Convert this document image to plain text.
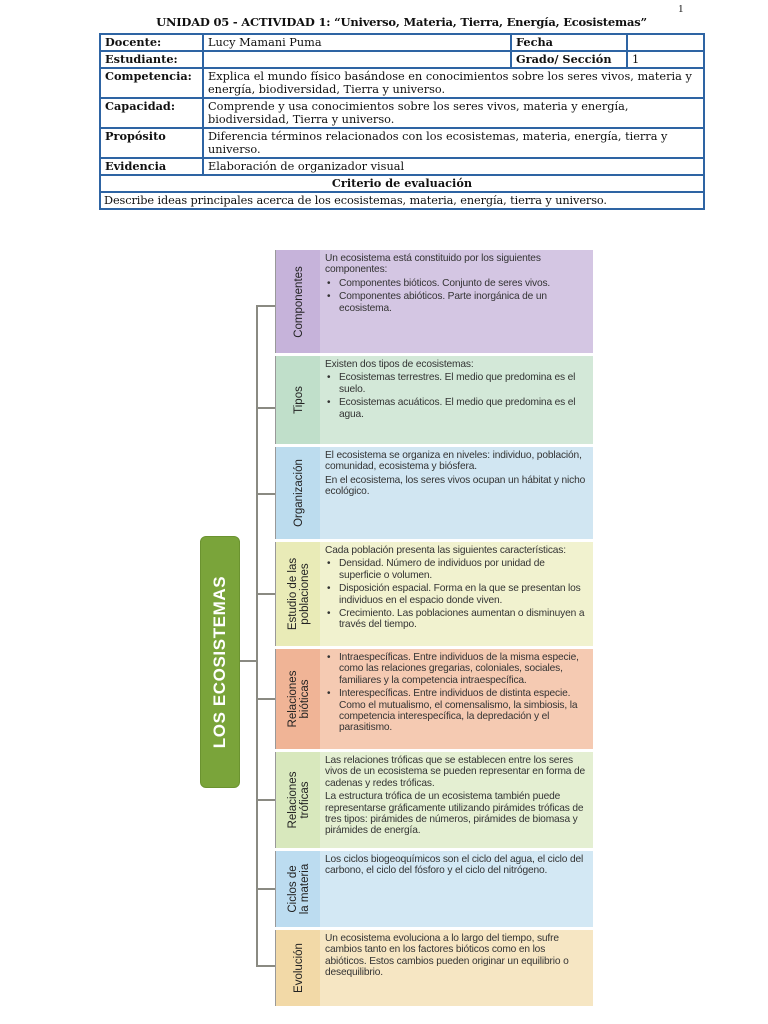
1
UNIDAD 05 - ACTIVIDAD 1: “Universo, Materia, Tierra, Energía, Ecosistemas”
Docente:	Lucy Mamani Puma	Fecha	
Estudiante:		Grado/ Sección	1
Competencia:	Explica el mundo físico basándose en conocimientos sobre los seres vivos, materia y energía, biodiversidad, Tierra y universo.		
Capacidad:	Comprende y usa conocimientos sobre los seres vivos, materia y energía, biodiversidad, Tierra y universo.		
Propósito	Diferencia términos relacionados con los ecosistemas, materia, energía, tierra y universo.		
Evidencia	Elaboración de organizador visual		
Criterio de evaluación			
Describe ideas principales acerca de los ecosistemas, materia, energía, tierra y universo.			
LOS ECOSISTEMAS
Componentes

Un ecosistema está constituido por los siguientes componentes:

• Componentes bióticos. Conjunto de seres vivos.
• Componentes abióticos. Parte inorgánica de un ecosistema.
Tipos

Existen dos tipos de ecosistemas:

• Ecosistemas terrestres. El medio que predomina es el suelo.
• Ecosistemas acuáticos. El medio que predomina es el agua.
Organización

El ecosistema se organiza en niveles: individuo, población, comunidad, ecosistema y biósfera.

En el ecosistema, los seres vivos ocupan un hábitat y nicho ecológico.

Estudio de las
poblaciones

Cada población presenta las siguientes características:

• Densidad. Número de individuos por unidad de superficie o volumen.
• Disposición espacial. Forma en la que se presentan los individuos en el espacio donde viven.
• Crecimiento. Las poblaciones aumentan o disminuyen a través del tiempo.
Relaciones
bióticas
• Intraespecíficas. Entre individuos de la misma especie, como las relaciones gregarias, coloniales, sociales, familiares y la competencia intraespecífica.
• Interespecíficas. Entre individuos de distinta especie. Como el mutualismo, el comensalismo, la simbiosis, la competencia interespecífica, la depredación y el parasitismo.
Relaciones
tróficas

Las relaciones tróficas que se establecen entre los seres vivos de un ecosistema se pueden representar en forma de cadenas y redes tróficas.

La estructura trófica de un ecosistema también puede representarse gráficamente utilizando pirámides tróficas de tres tipos: pirámides de números, pirámides de biomasa y pirámides de energía.

Ciclos de
la materia

Los ciclos biogeoquímicos son el ciclo del agua, el ciclo del carbono, el ciclo del fósforo y el ciclo del nitrógeno.

Evolución

Un ecosistema evoluciona a lo largo del tiempo, sufre cambios tanto en los factores bióticos como en los abióticos. Estos cambios pueden originar un equilibrio o desequilibrio.
